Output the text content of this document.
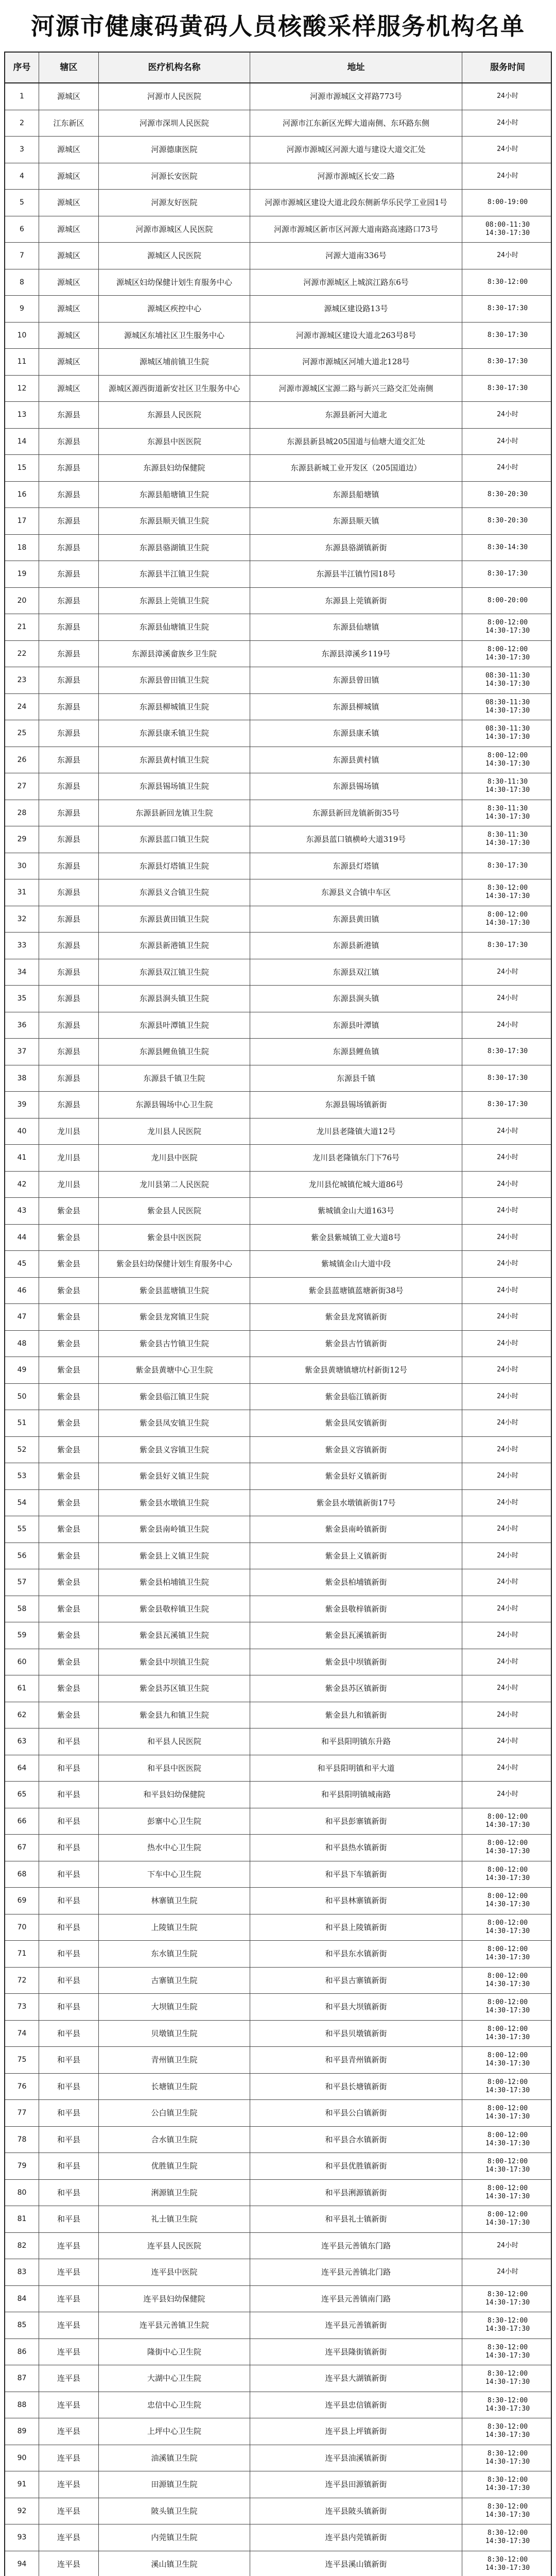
河源市健康码黄码人员核酸采样服务机构名单
序号	辖区	医疗机构名称	地址	服务时间
1	源城区	河源市人民医院	河源市源城区文祥路773号	24小时
2	江东新区	河源市深圳人民医院	河源市江东新区光辉大道南侧、东环路东侧	24小时
3	源城区	河源德康医院	河源市源城区河源大道与建设大道交汇处	24小时
4	源城区	河源长安医院	河源市源城区长安二路	24小时
5	源城区	河源友好医院	河源市源城区建设大道北段东侧新华乐民学工业园1号	8:00-19:00
6	源城区	河源市源城区人民医院	河源市源城区新市区河源大道南路高速路口73号	08:00-11:30
14:30-17:30
7	源城区	源城区人民医院	河源大道南336号	24小时
8	源城区	源城区妇幼保健计划生育服务中心	河源市源城区上城滨江路东6号	8:30-12:00
9	源城区	源城区疾控中心	源城区建设路13号	8:30-17:30
10	源城区	源城区东埔社区卫生服务中心	河源市源城区建设大道北263号8号	8:30-17:30
11	源城区	源城区埔前镇卫生院	河源市源城区河埔大道北128号	8:30-17:30
12	源城区	源城区源西街道新安社区卫生服务中心	河源市源城区宝源二路与新兴三路交汇处南侧	8:30-17:30
13	东源县	东源县人民医院	东源县新河大道北	24小时
14	东源县	东源县中医医院	东源县新县城205国道与仙塘大道交汇处	24小时
15	东源县	东源县妇幼保健院	东源县新城工业开发区（205国道边）	24小时
16	东源县	东源县船塘镇卫生院	东源县船塘镇	8:30-20:30
17	东源县	东源县顺天镇卫生院	东源县顺天镇	8:30-20:30
18	东源县	东源县骆湖镇卫生院	东源县骆湖镇新街	8:30-14:30
19	东源县	东源县半江镇卫生院	东源县半江镇竹园18号	8:30-17:30
20	东源县	东源县上莞镇卫生院	东源县上莞镇新街	8:00-20:00
21	东源县	东源县仙塘镇卫生院	东源县仙塘镇	8:00-12:00
14:30-17:30
22	东源县	东源县漳溪畲族乡卫生院	东源县漳溪乡119号	8:00-12:00
14:30-17:30
23	东源县	东源县曾田镇卫生院	东源县曾田镇	08:30-11:30
14:30-17:30
24	东源县	东源县柳城镇卫生院	东源县柳城镇	08:30-11:30
14:30-17:30
25	东源县	东源县康禾镇卫生院	东源县康禾镇	08:30-11:30
14:30-17:30
26	东源县	东源县黄村镇卫生院	东源县黄村镇	8:00-12:00
14:30-17:30
27	东源县	东源县锡场镇卫生院	东源县锡场镇	8:30-11:30
14:30-17:30
28	东源县	东源县新回龙镇卫生院	东源县新回龙镇新街35号	8:30-11:30
14:30-17:30
29	东源县	东源县蓝口镇卫生院	东源县蓝口镇横岭大道319号	8:30-11:30
14:30-17:30
30	东源县	东源县灯塔镇卫生院	东源县灯塔镇	8:30-17:30
31	东源县	东源县义合镇卫生院	东源县义合镇中车区	8:30-12:00
14:30-17:30
32	东源县	东源县黄田镇卫生院	东源县黄田镇	8:00-12:00
14:30-17:30
33	东源县	东源县新港镇卫生院	东源县新港镇	8:30-17:30
34	东源县	东源县双江镇卫生院	东源县双江镇	24小时
35	东源县	东源县涧头镇卫生院	东源县涧头镇	24小时
36	东源县	东源县叶潭镇卫生院	东源县叶潭镇	24小时
37	东源县	东源县鲤鱼镇卫生院	东源县鲤鱼镇	8:30-17:30
38	东源县	东源县千镇卫生院	东源县千镇	8:30-17:30
39	东源县	东源县锡场中心卫生院	东源县锡场镇新街	8:30-17:30
40	龙川县	龙川县人民医院	龙川县老隆镇大道12号	24小时
41	龙川县	龙川县中医院	龙川县老隆镇东门下76号	24小时
42	龙川县	龙川县第二人民医院	龙川县佗城镇佗城大道86号	24小时
43	紫金县	紫金县人民医院	紫城镇金山大道163号	24小时
44	紫金县	紫金县中医医院	紫金县紫城镇工业大道8号	24小时
45	紫金县	紫金县妇幼保健计划生育服务中心	紫城镇金山大道中段	24小时
46	紫金县	紫金县蓝塘镇卫生院	紫金县蓝塘镇蓝塘新街38号	24小时
47	紫金县	紫金县龙窝镇卫生院	紫金县龙窝镇新街	24小时
48	紫金县	紫金县古竹镇卫生院	紫金县古竹镇新街	24小时
49	紫金县	紫金县黄塘中心卫生院	紫金县黄塘镇塘坑村新街12号	24小时
50	紫金县	紫金县临江镇卫生院	紫金县临江镇新街	24小时
51	紫金县	紫金县凤安镇卫生院	紫金县凤安镇新街	24小时
52	紫金县	紫金县义容镇卫生院	紫金县义容镇新街	24小时
53	紫金县	紫金县好义镇卫生院	紫金县好义镇新街	24小时
54	紫金县	紫金县水墩镇卫生院	紫金县水墩镇新街17号	24小时
55	紫金县	紫金县南岭镇卫生院	紫金县南岭镇新街	24小时
56	紫金县	紫金县上义镇卫生院	紫金县上义镇新街	24小时
57	紫金县	紫金县柏埔镇卫生院	紫金县柏埔镇新街	24小时
58	紫金县	紫金县敬梓镇卫生院	紫金县敬梓镇新街	24小时
59	紫金县	紫金县瓦溪镇卫生院	紫金县瓦溪镇新街	24小时
60	紫金县	紫金县中坝镇卫生院	紫金县中坝镇新街	24小时
61	紫金县	紫金县苏区镇卫生院	紫金县苏区镇新街	24小时
62	紫金县	紫金县九和镇卫生院	紫金县九和镇新街	24小时
63	和平县	和平县人民医院	和平县阳明镇东升路	24小时
64	和平县	和平县中医医院	和平县阳明镇和平大道	24小时
65	和平县	和平县妇幼保健院	和平县阳明镇城南路	24小时
66	和平县	彭寨中心卫生院	和平县彭寨镇新街	8:00-12:00
14:30-17:30
67	和平县	热水中心卫生院	和平县热水镇新街	8:00-12:00
14:30-17:30
68	和平县	下车中心卫生院	和平县下车镇新街	8:00-12:00
14:30-17:30
69	和平县	林寨镇卫生院	和平县林寨镇新街	8:00-12:00
14:30-17:30
70	和平县	上陵镇卫生院	和平县上陵镇新街	8:00-12:00
14:30-17:30
71	和平县	东水镇卫生院	和平县东水镇新街	8:00-12:00
14:30-17:30
72	和平县	古寨镇卫生院	和平县古寨镇新街	8:00-12:00
14:30-17:30
73	和平县	大坝镇卫生院	和平县大坝镇新街	8:00-12:00
14:30-17:30
74	和平县	贝墩镇卫生院	和平县贝墩镇新街	8:00-12:00
14:30-17:30
75	和平县	青州镇卫生院	和平县青州镇新街	8:00-12:00
14:30-17:30
76	和平县	长塘镇卫生院	和平县长塘镇新街	8:00-12:00
14:30-17:30
77	和平县	公白镇卫生院	和平县公白镇新街	8:00-12:00
14:30-17:30
78	和平县	合水镇卫生院	和平县合水镇新街	8:00-12:00
14:30-17:30
79	和平县	优胜镇卫生院	和平县优胜镇新街	8:00-12:00
14:30-17:30
80	和平县	浰源镇卫生院	和平县浰源镇新街	8:00-12:00
14:30-17:30
81	和平县	礼士镇卫生院	和平县礼士镇新街	8:00-12:00
14:30-17:30
82	连平县	连平县人民医院	连平县元善镇东门路	24小时
83	连平县	连平县中医院	连平县元善镇北门路	24小时
84	连平县	连平县妇幼保健院	连平县元善镇南门路	8:30-12:00
14:30-17:30
85	连平县	连平县元善镇卫生院	连平县元善镇新街	8:30-12:00
14:30-17:30
86	连平县	隆街中心卫生院	连平县隆街镇新街	8:30-12:00
14:30-17:30
87	连平县	大湖中心卫生院	连平县大湖镇新街	8:30-12:00
14:30-17:30
88	连平县	忠信中心卫生院	连平县忠信镇新街	8:30-12:00
14:30-17:30
89	连平县	上坪中心卫生院	连平县上坪镇新街	8:30-12:00
14:30-17:30
90	连平县	油溪镇卫生院	连平县油溪镇新街	8:30-12:00
14:30-17:30
91	连平县	田源镇卫生院	连平县田源镇新街	8:30-12:00
14:30-17:30
92	连平县	陂头镇卫生院	连平县陂头镇新街	8:30-12:00
14:30-17:30
93	连平县	内莞镇卫生院	连平县内莞镇新街	8:30-12:00
14:30-17:30
94	连平县	溪山镇卫生院	连平县溪山镇新街	8:30-12:00
14:30-17:30
